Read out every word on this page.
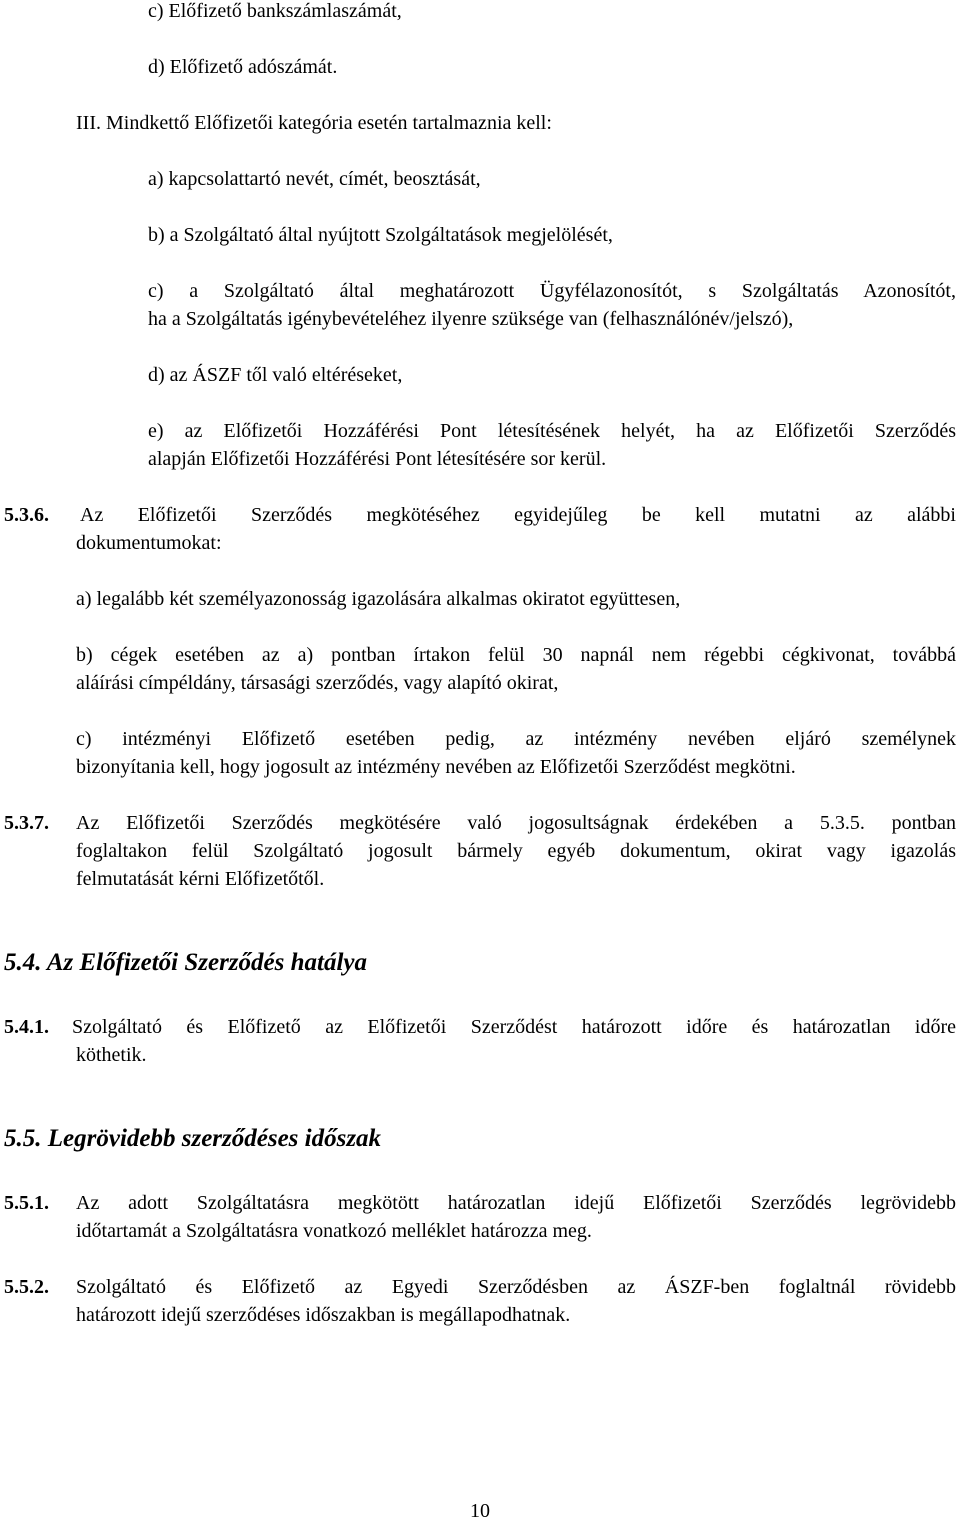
c) Előfizető bankszámlaszámát,

d) Előfizető adószámát.

III. Mindkettő Előfizetői kategória esetén tartalmaznia kell:

a) kapcsolattartó nevét, címét, beosztását,

b) a Szolgáltató által nyújtott Szolgáltatások megjelölését,

c) a Szolgáltató által meghatározott Ügyfélazonosítót, s Szolgáltatás Azonosítót,

ha a Szolgáltatás igénybevételéhez ilyenre szüksége van (felhasználónév/jelszó),

d) az ÁSZF től való eltéréseket,

e) az Előfizetői Hozzáférési Pont létesítésének helyét, ha az Előfizetői Szerződés

alapján Előfizetői Hozzáférési Pont létesítésére sor kerül.

5.3.6. Az Előfizetői Szerződés megkötéséhez egyidejűleg be kell mutatni az alábbi

dokumentumokat:

a) legalább két személyazonosság igazolására alkalmas okiratot együttesen,

b) cégek esetében az a) pontban írtakon felül 30 napnál nem régebbi cégkivonat, továbbá

aláírási címpéldány, társasági szerződés, vagy alapító okirat,

c) intézményi Előfizető esetében pedig, az intézmény nevében eljáró személynek

bizonyítania kell, hogy jogosult az intézmény nevében az Előfizetői Szerződést megkötni.

5.3.7. Az Előfizetői Szerződés megkötésére való jogosultságnak érdekében a 5.3.5. pontban

foglaltakon felül Szolgáltató jogosult bármely egyéb dokumentum, okirat vagy igazolás

felmutatását kérni Előfizetőtől.

5.4. Az Előfizetői Szerződés hatálya

5.4.1. Szolgáltató és Előfizető az Előfizetői Szerződést határozott időre és határozatlan időre

köthetik.

5.5. Legrövidebb szerződéses időszak

5.5.1. Az adott Szolgáltatásra megkötött határozatlan idejű Előfizetői Szerződés legrövidebb

időtartamát a Szolgáltatásra vonatkozó melléklet határozza meg.

5.5.2. Szolgáltató és Előfizető az Egyedi Szerződésben az ÁSZF-ben foglaltnál rövidebb

határozott idejű szerződéses időszakban is megállapodhatnak.

10
